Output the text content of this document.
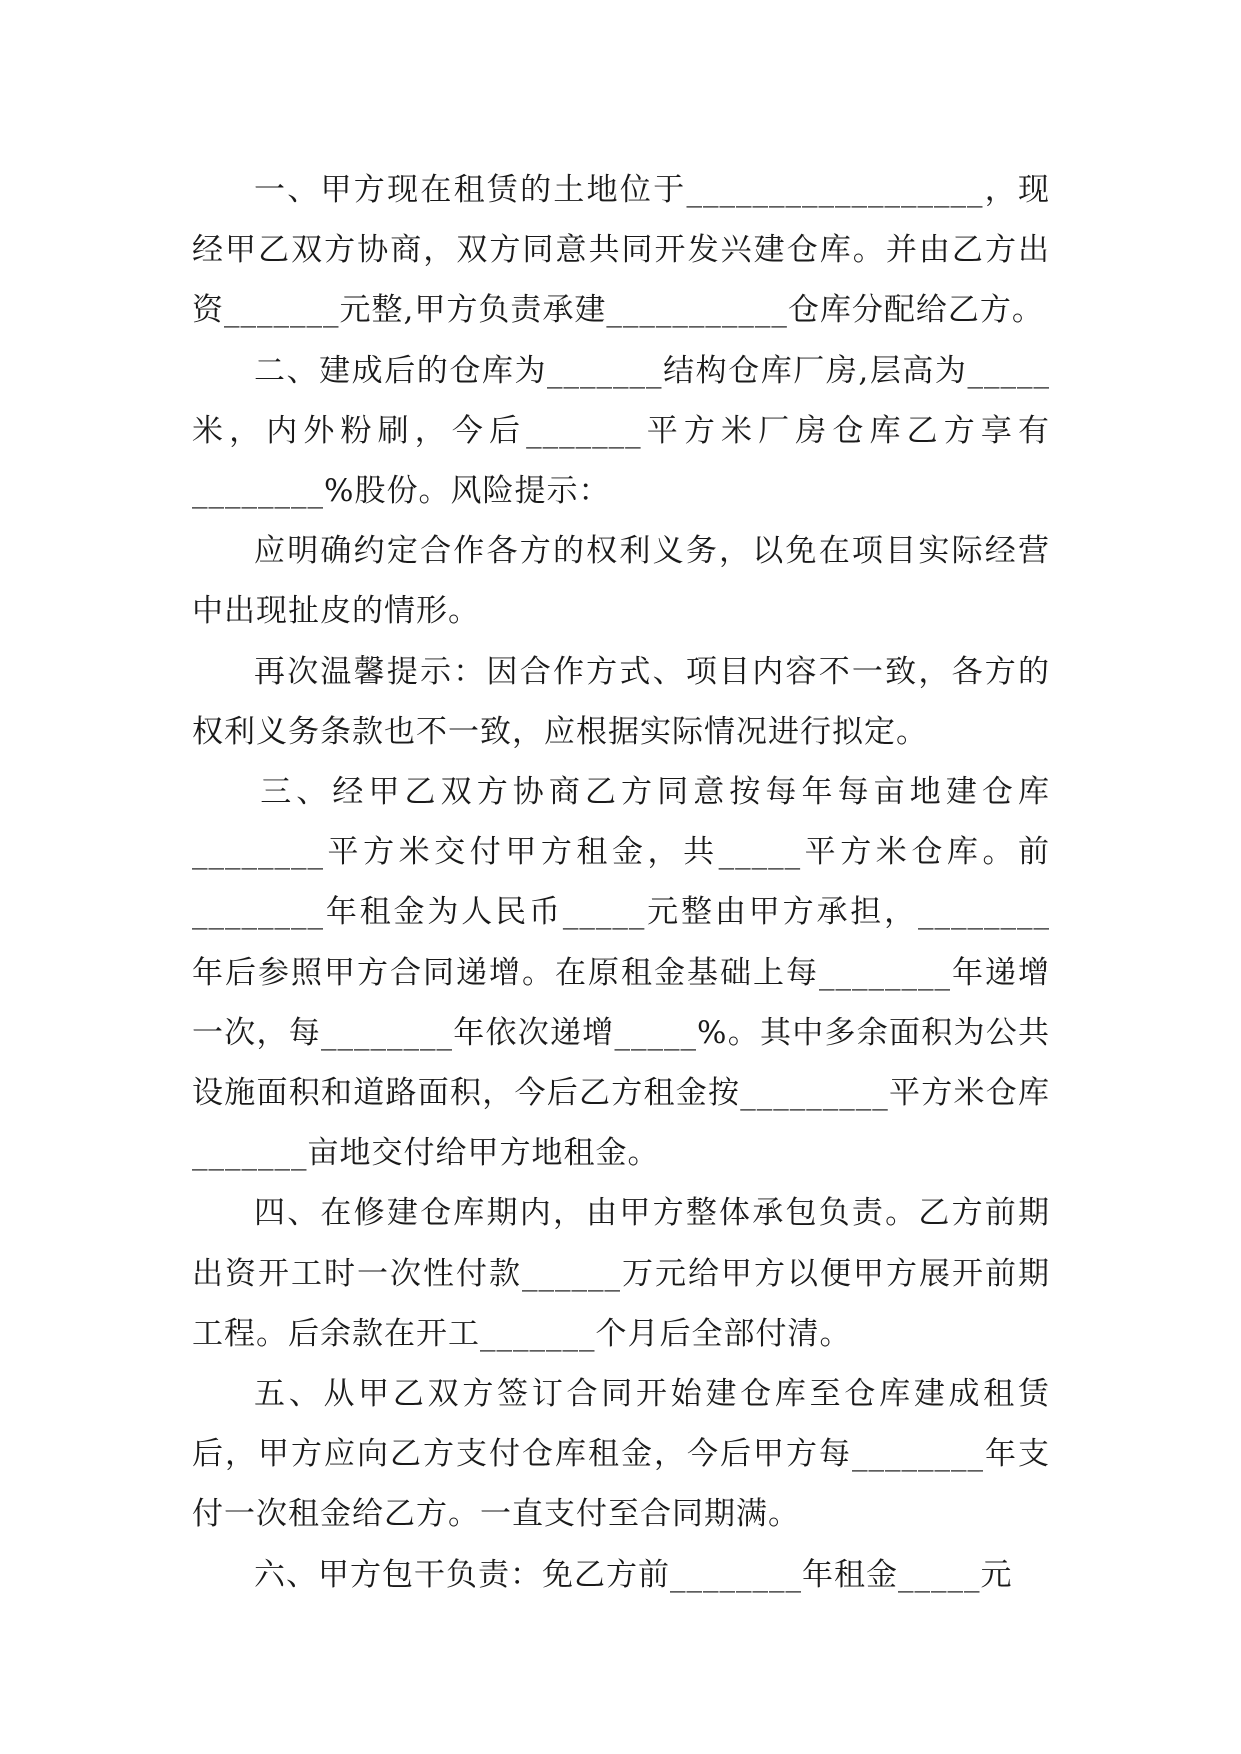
一、甲方现在租赁的土地位于__________________，现经甲乙双方协商，双方同意共同开发兴建仓库。并由乙方出资_______元整,甲方负责承建___________仓库分配给乙方。

二、建成后的仓库为_______结构仓库厂房,层高为_____米，内外粉刷，今后_______平方米厂房仓库乙方享有________%股份。风险提示：

应明确约定合作各方的权利义务，以免在项目实际经营中出现扯皮的情形。

再次温馨提示：因合作方式、项目内容不一致，各方的权利义务条款也不一致，应根据实际情况进行拟定。

三、经甲乙双方协商乙方同意按每年每亩地建仓库________平方米交付甲方租金，共_____平方米仓库。前________年租金为人民币_____元整由甲方承担，________年后参照甲方合同递增。在原租金基础上每________年递增一次，每________年依次递增_____%。其中多余面积为公共设施面积和道路面积，今后乙方租金按_________平方米仓库_______亩地交付给甲方地租金。

四、在修建仓库期内，由甲方整体承包负责。乙方前期出资开工时一次性付款______万元给甲方以便甲方展开前期工程。后余款在开工_______个月后全部付清。

五、从甲乙双方签订合同开始建仓库至仓库建成租赁后，甲方应向乙方支付仓库租金，今后甲方每________年支付一次租金给乙方。一直支付至合同期满。

六、甲方包干负责：免乙方前________年租金_____元
